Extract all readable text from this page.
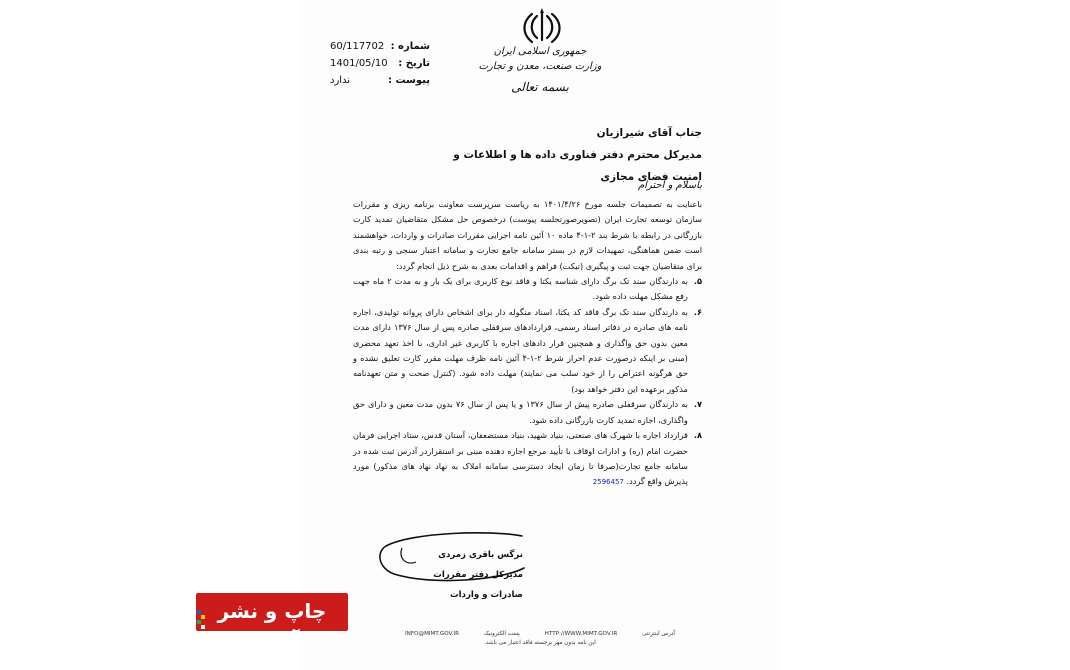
جمهوری اسلامی ایران
وزارت صنعت، معدن و تجارت
بسمه تعالی
شماره :
60/117702
تاریخ :
1401/05/10
پیوست :
ندارد
جناب آقای شیرازیان
مدیرکل محترم دفتر فناوری داده ها و اطلاعات و امنیت فضای مجازی
باسلام و احترام

باعنایت به تصمیمات جلسه مورخ ۱۴۰۱/۴/۲۶ به ریاست سرپرست معاونت برنامه ریزی و مقررات سازمان توسعه تجارت ایران (تصویرصورتجلسه پیوست) درخصوص حل مشکل متقاضیان تمدید کارت بازرگانی در رابطه با شرط بند ۲-۱-۴ ماده ۱۰ آئین نامه اجرایی مقررات صادرات و واردات، خواهشمند است ضمن هماهنگی، تمهیدات لازم در بستر سامانه جامع تجارت و سامانه اعتبار سنجی و رتبه بندی برای متقاضیان جهت ثبت و پیگیری (تیکت) فراهم و اقدامات بعدی به شرح ذیل انجام گردد:

۵.
به دارندگان سند تک برگ دارای شناسه یکتا و فاقد نوع کاربری برای یک بار و به مدت ۲ ماه جهت رفع مشکل مهلت داده شود.
۶.
به دارندگان سند تک برگ فاقد کد یکتا، اسناد منگوله دار برای اشخاص دارای پروانه تولیدی، اجاره نامه های صادره در دفاتر اسناد رسمی، قراردادهای سرقفلی صادره پس از سال ۱۳۷۶ دارای مدت معین بدون حق واگذاری و همچنین قرار دادهای اجاره با کاربری غیر اداری، با اخذ تعهد محضری (مبنی بر اینکه درصورت عدم احراز شرط ۲-۱-۴ آئین نامه ظرف مهلت مقرر کارت تعلیق نشده و حق هرگونه اعتراض را از خود سلب می نمایند) مهلت داده شود. (کنترل صحت و متن تعهدنامه مذکور برعهده این دفتر خواهد بود)
۷.
به دارندگان سرقفلی صادره پیش از سال ۱۳۷۶ و یا پس از سال ۷۶ بدون مدت معین و دارای حق واگذاری، اجازه تمدید کارت بازرگانی داده شود.
۸.
قرارداد اجاره با شهرک های صنعتی، بنیاد شهید، بنیاد مستضعفان، آستان قدس، ستاد اجرایی فرمان حضرت امام (ره) و ادارات اوقاف با تأیید مرجع اجاره دهنده مبنی بر استقراردر آدرس ثبت شده در سامانه جامع تجارت(صرفا تا زمان ایجاد دسترسی سامانه املاک به نهاد نهاد های مذکور) مورد پذیرش واقع گردد. 2596457
نرگس باقری زمردی
مدیرکل دفتر مقررات صادرات و واردات
آدرس اینترنتی
HTTP://WWW.MIMT.GOV.IR
پست الکترونیک
INFO@MIMT.GOV.IR
این نامه بدون مهر برجسته فاقد اعتبار می باشد.
چاپ و نشر آنلاین
